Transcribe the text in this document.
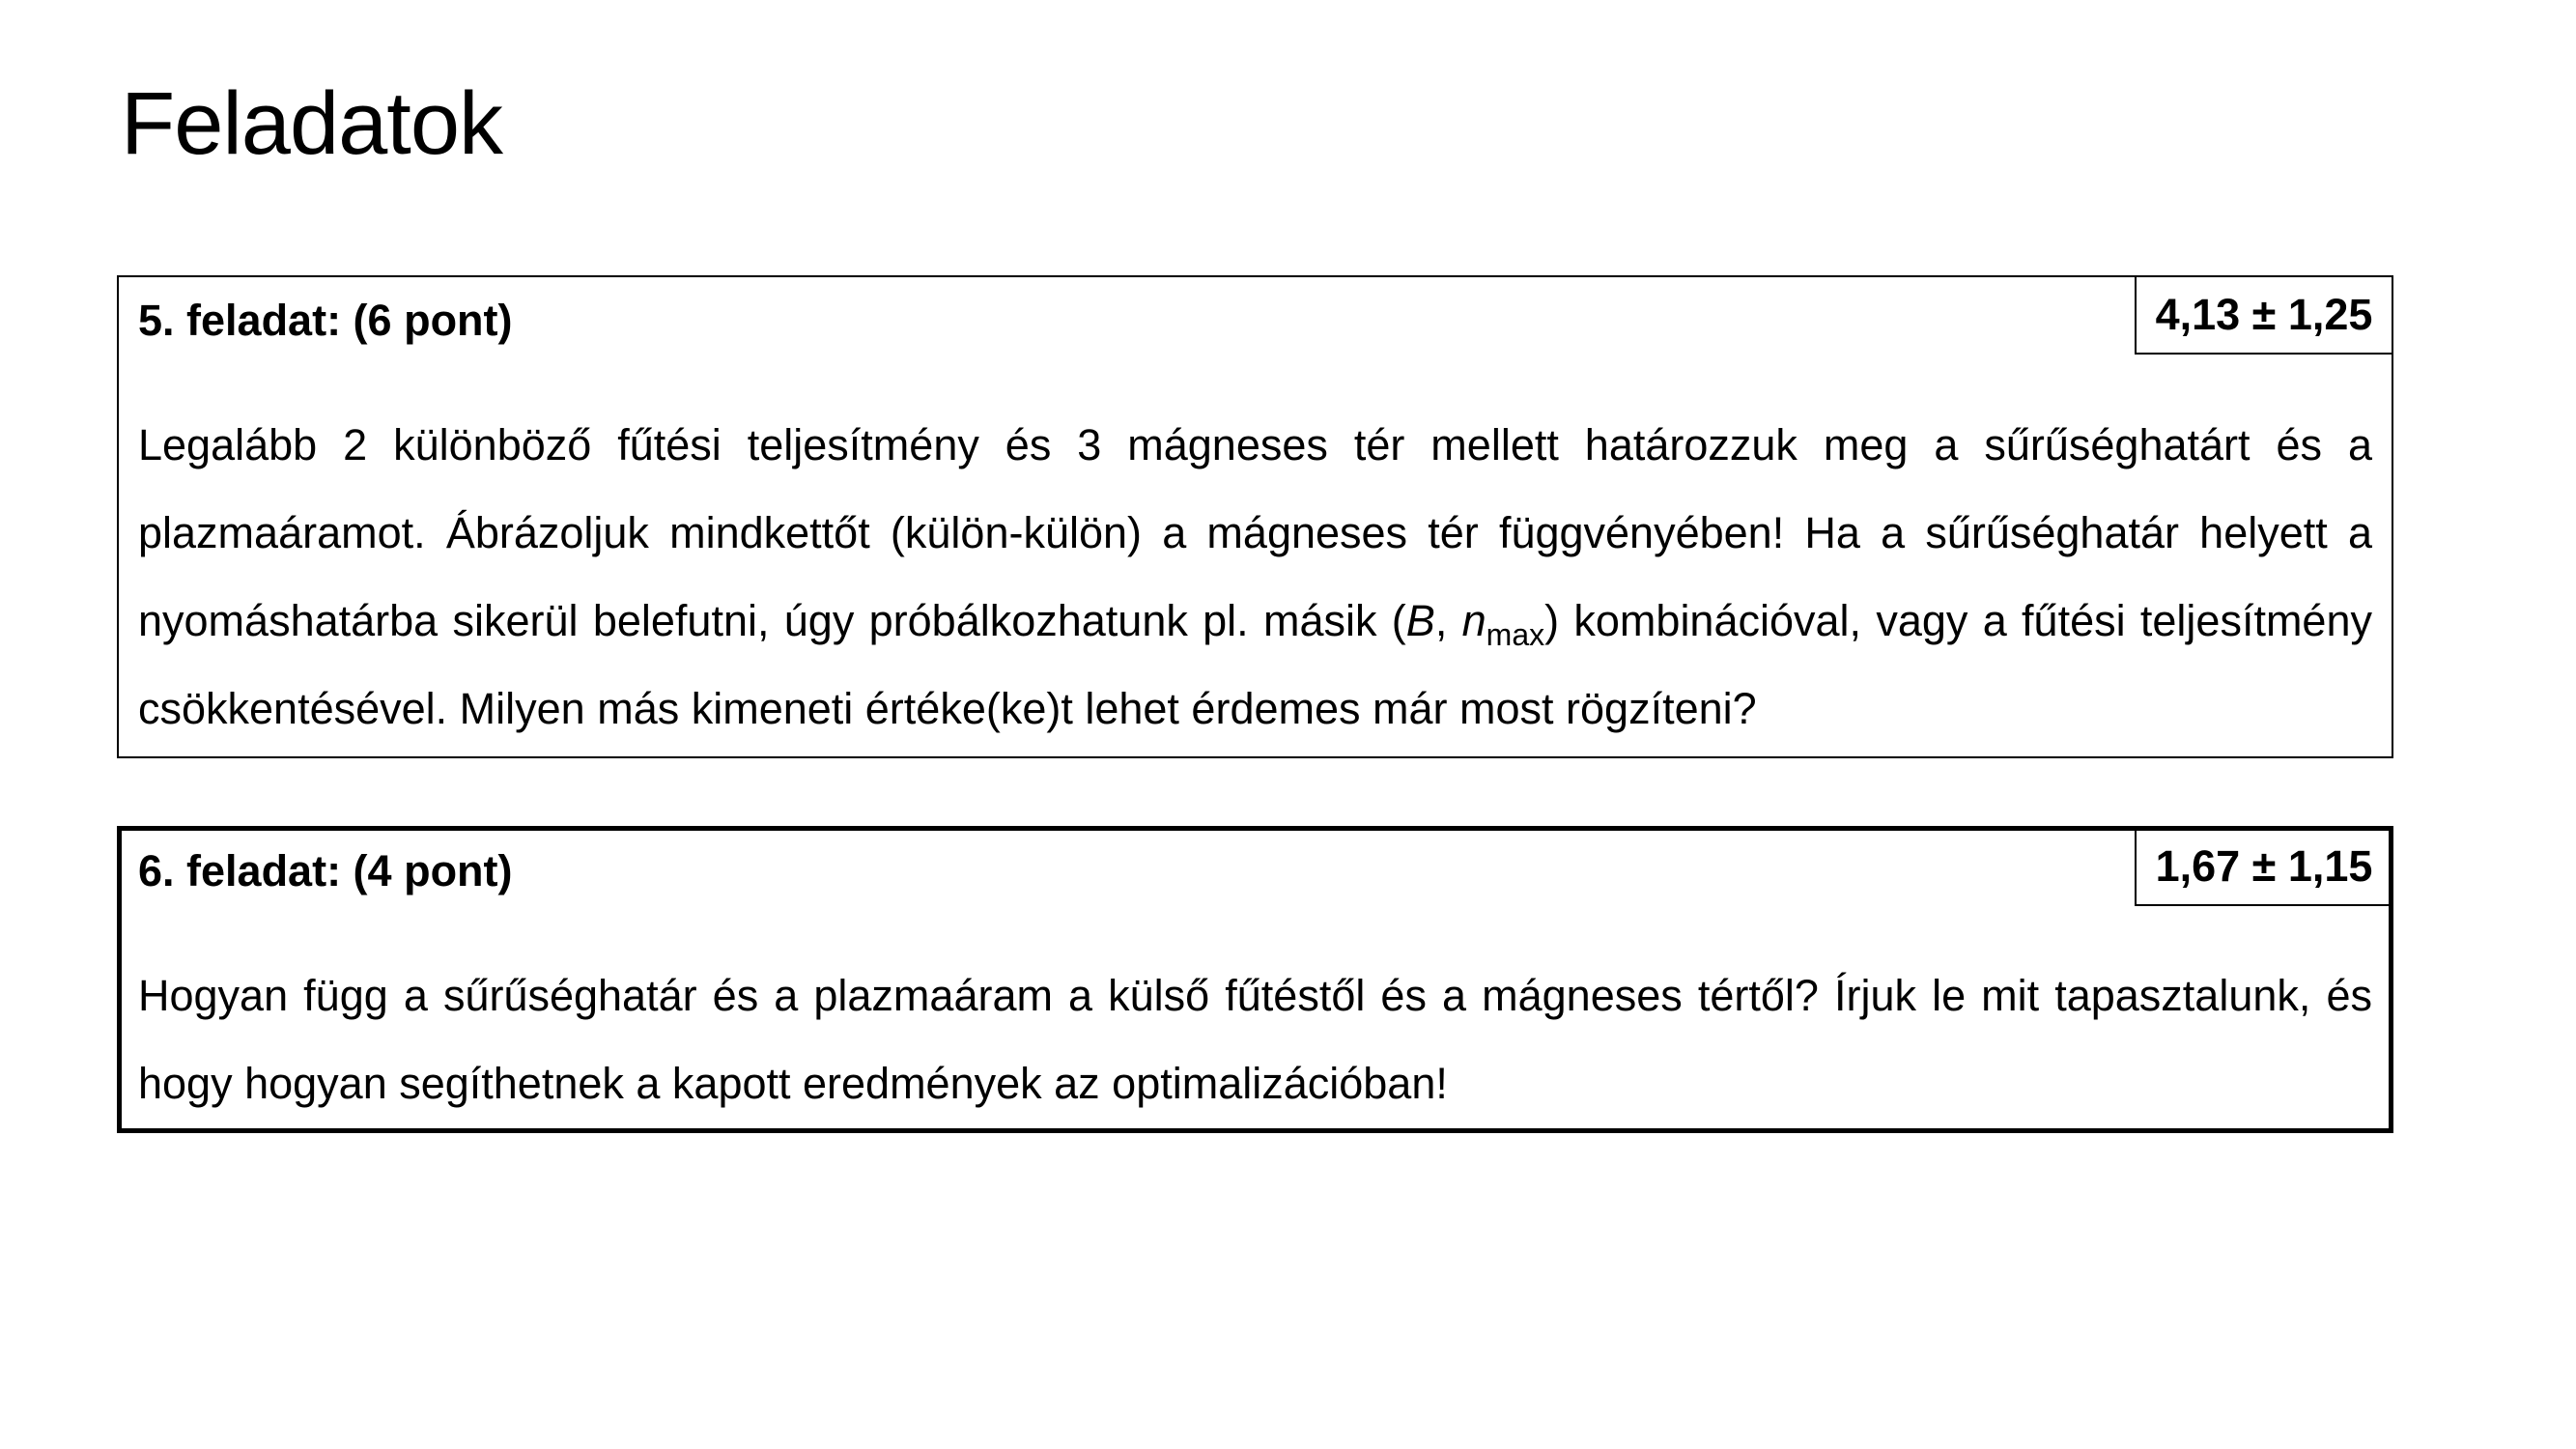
Feladatok
5. feladat: (6 pont)	4,13 ± 1,25
Legalább 2 különböző fűtési teljesítmény és 3 mágneses tér mellett határozzuk meg a sűrűséghatárt és a plazmaáramot. Ábrázoljuk mindkettőt (külön-külön) a mágneses tér függvényében! Ha a sűrűséghatár helyett a nyomáshatárba sikerül belefutni, úgy próbálkozhatunk pl. másik (B, $n_{max}$) kombinációval, vagy a fűtési teljesítmény csökkentésével. Milyen más kimeneti értéke(ke)t lehet érdemes már most rögzíteni?
6. feladat: (4 pont)	1,67 ± 1,15
Hogyan függ a sűrűséghatár és a plazmaáram a külső fűtéstől és a mágneses tértől? Írjuk le mit tapasztalunk, és hogy hogyan segíthetnek a kapott eredmények az optimalizációban!
